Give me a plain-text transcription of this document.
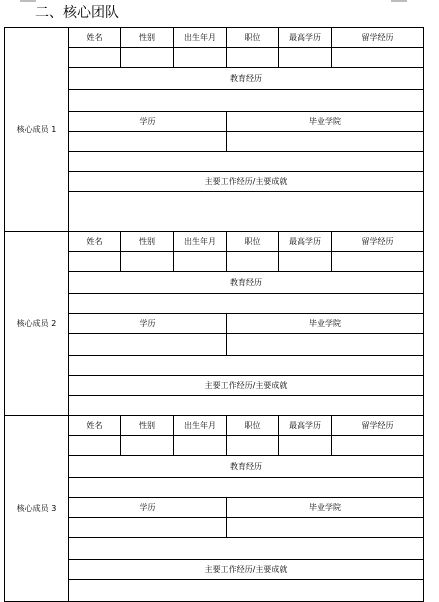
二、核心团队
核心成员 1	姓名	性别	出生年月	职位	最高学历	留学经历

	教育经历					

	学历			毕业学院		

	主要工作经历/主要成就					

核心成员 2	姓名	性别	出生年月	职位	最高学历	留学经历

	教育经历					

	学历			毕业学院		

	主要工作经历/主要成就					

核心成员 3	姓名	性别	出生年月	职位	最高学历	留学经历

	教育经历					

	学历			毕业学院		

	主要工作经历/主要成就					
